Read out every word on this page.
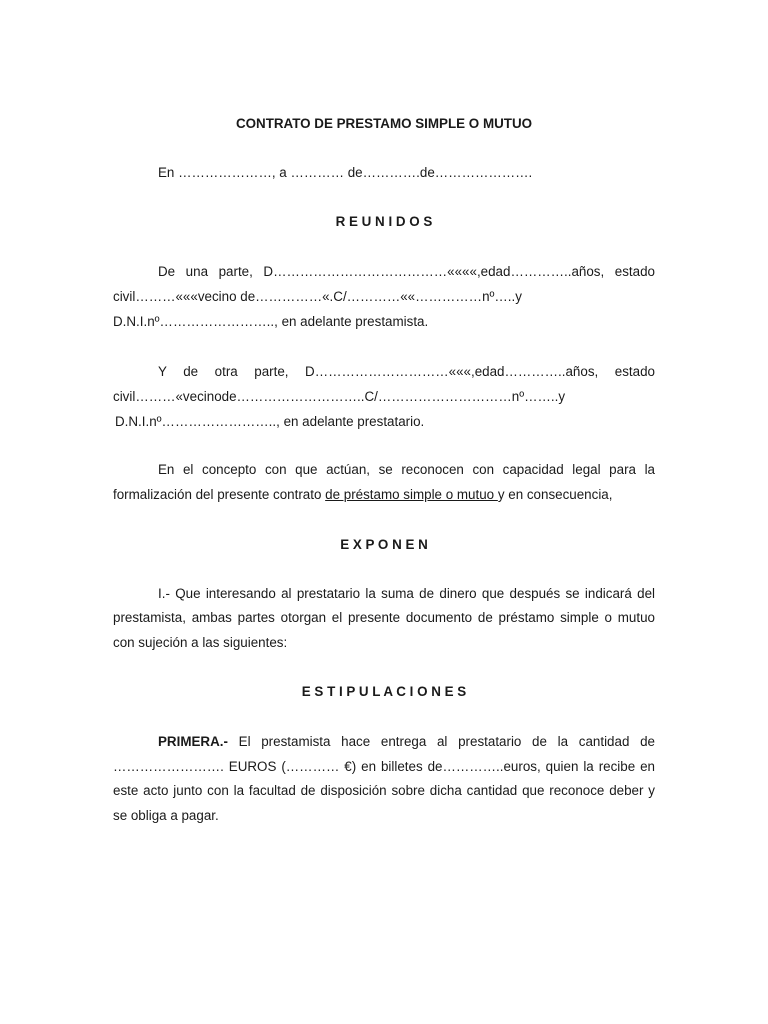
CONTRATO DE PRESTAMO SIMPLE O MUTUO
En …………………, a ………… de………….de………………….
R E U N I D O S
De una parte, D…………………………………««««,edad…………..años, estado
civil………«««vecino de……………«.C/…………««……………nº…..y
D.N.I.nº…………………….., en adelante prestamista.
Y de otra parte, D…………………………«««,edad…………..años, estado
civil………«vecinode………………………..C/…………………………nº……..y
D.N.I.nº…………………….., en adelante prestatario.
En el concepto con que actúan, se reconocen con capacidad legal para la
formalización del presente contrato de préstamo simple o mutuo y en consecuencia,
E X P O N E N
I.- Que interesando al prestatario la suma de dinero que después se indicará del
prestamista, ambas partes otorgan el presente documento de préstamo simple o mutuo
con sujeción a las siguientes:
E S T I P U L A C I O N E S
PRIMERA.- El prestamista hace entrega al prestatario de la cantidad de
……………………. EUROS (………… €) en billetes de…………..euros, quien la recibe en
este acto junto con la facultad de disposición sobre dicha cantidad que reconoce deber y
se obliga a pagar.
